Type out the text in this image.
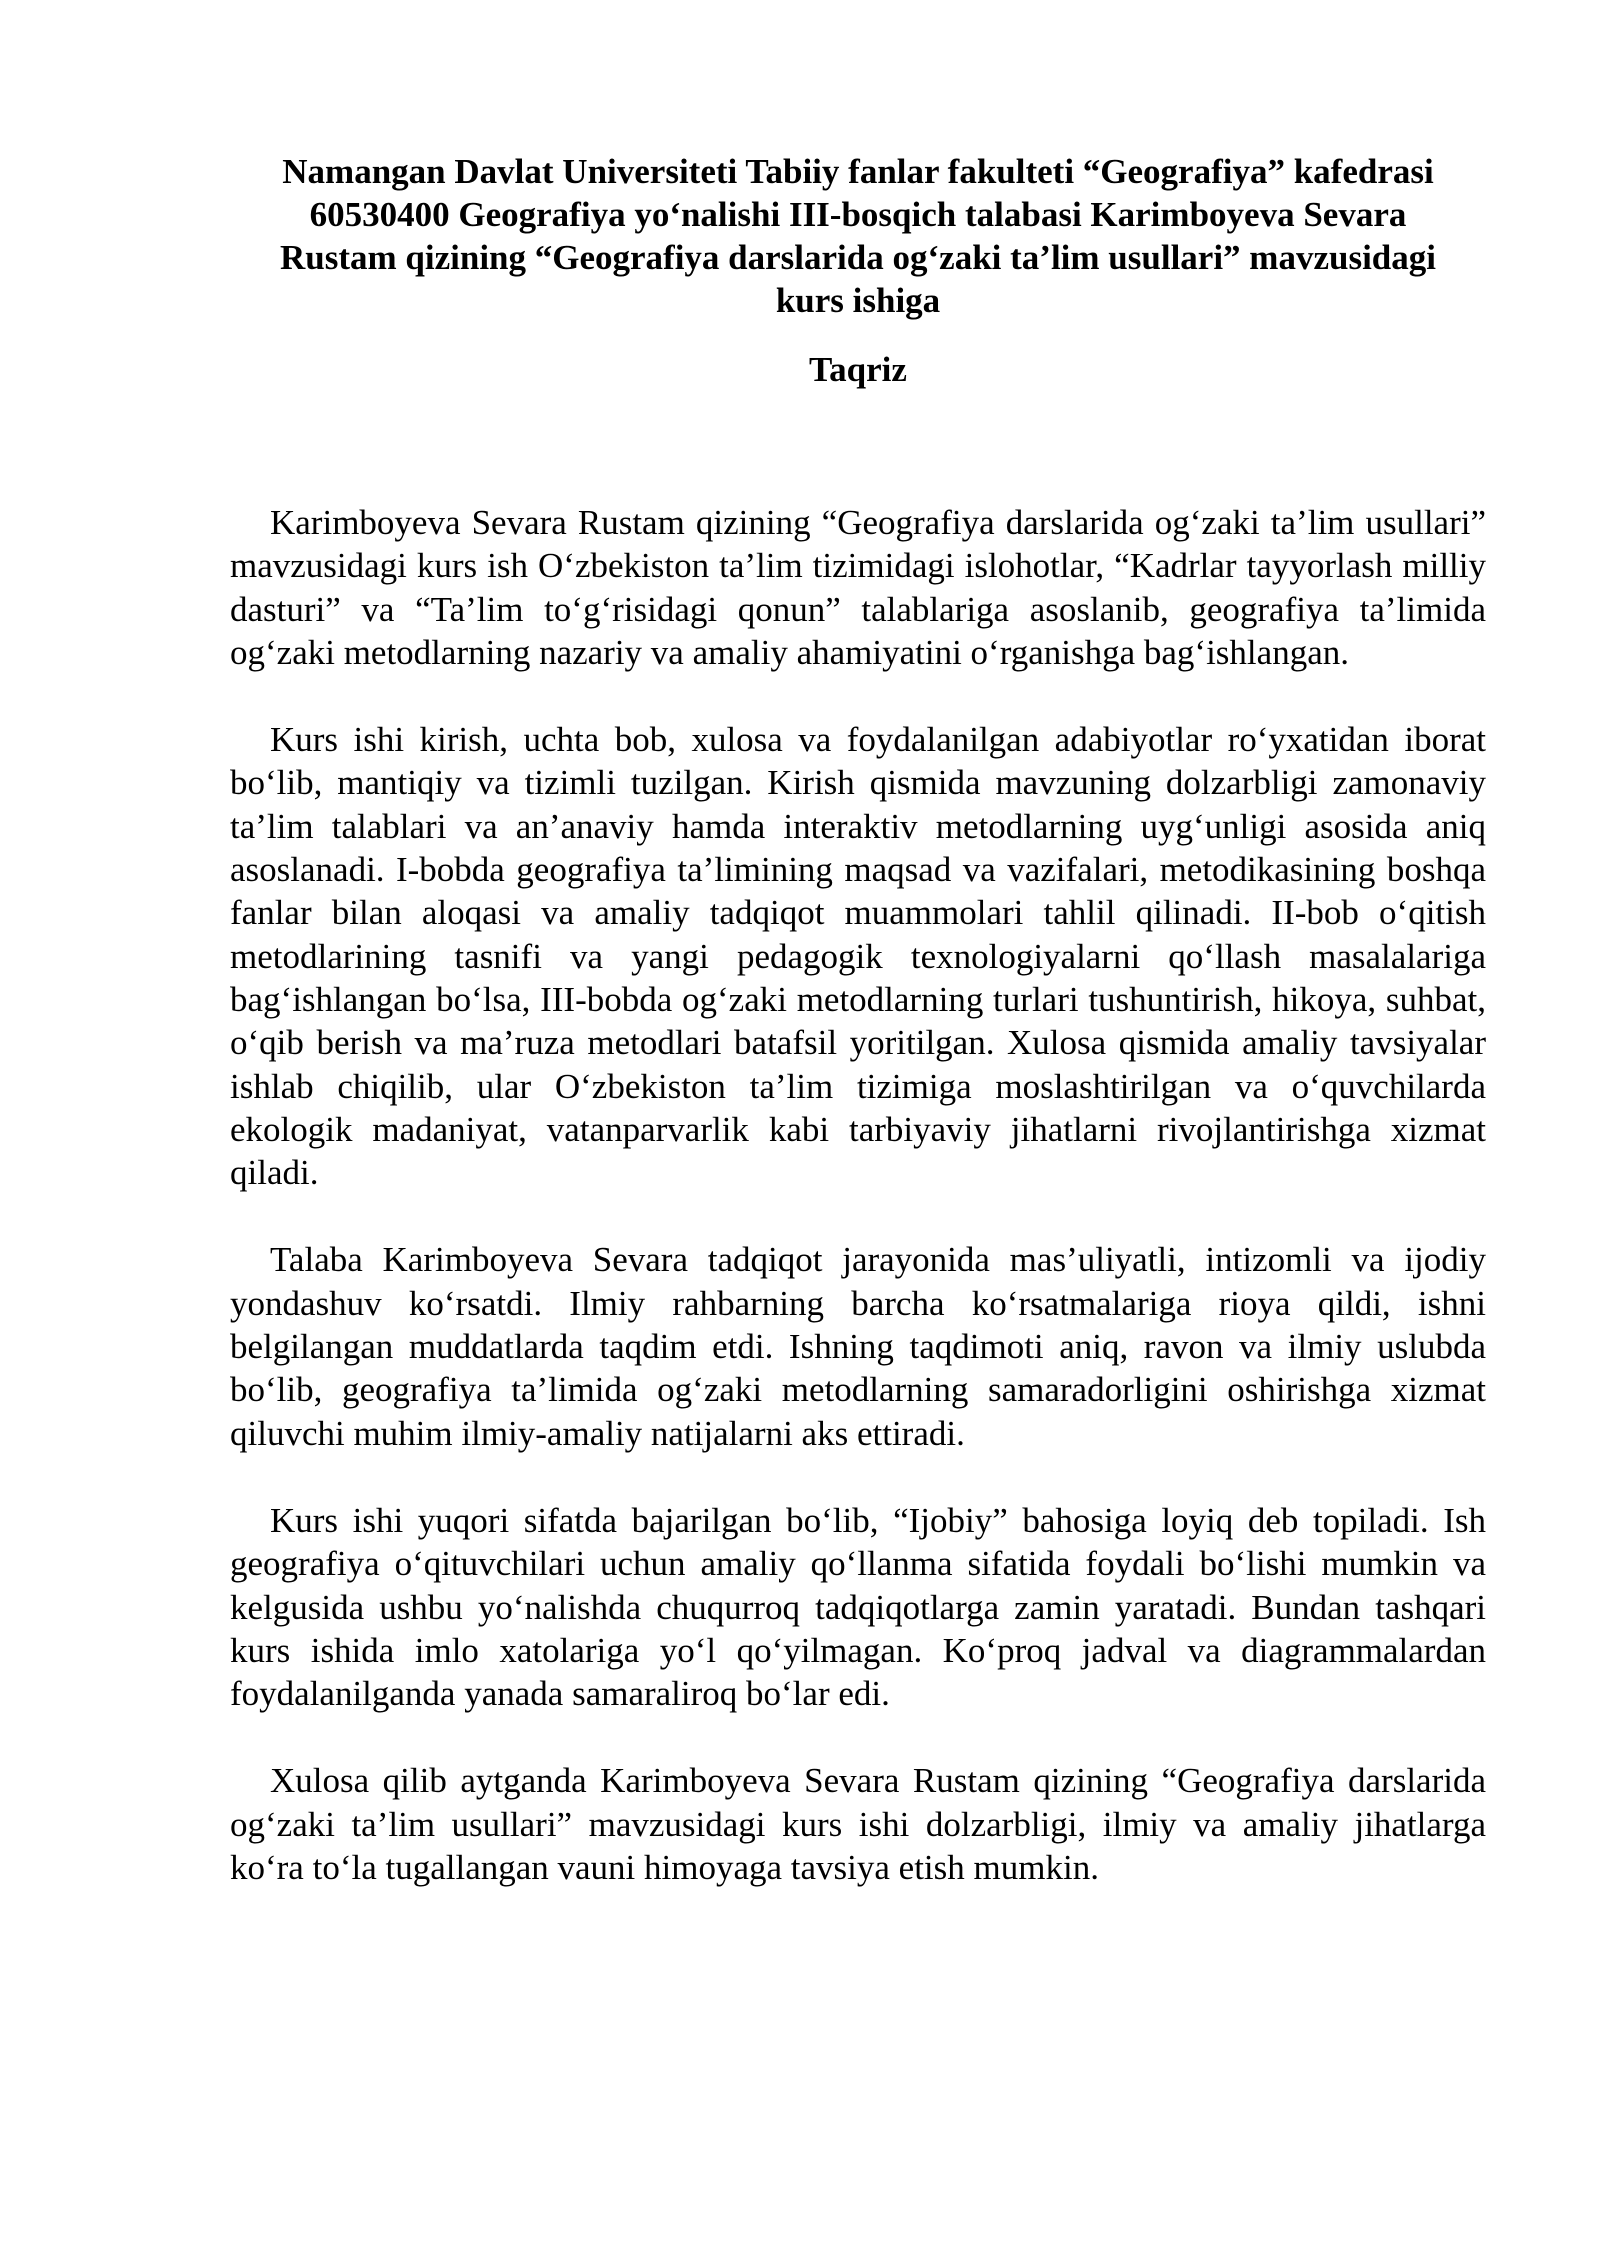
Namangan Davlat Universiteti Tabiiy fanlar fakulteti “Geografiya” kafedrasi
60530400 Geografiya yo‘nalishi III-bosqich talabasi Karimboyeva Sevara
Rustam qizining “Geografiya darslarida og‘zaki ta’lim usullari” mavzusidagi
kurs ishiga
Taqriz

Karimboyeva Sevara Rustam qizining “Geografiya darslarida og‘zaki ta’lim usullari” mavzusidagi kurs ish O‘zbekiston ta’lim tizimidagi islohotlar, “Kadrlar tayyorlash milliy dasturi” va “Ta’lim to‘g‘risidagi qonun” talablariga asoslanib, geografiya ta’limida og‘zaki metodlarning nazariy va amaliy ahamiyatini o‘rganishga bag‘ishlangan.

Kurs ishi kirish, uchta bob, xulosa va foydalanilgan adabiyotlar ro‘yxatidan iborat bo‘lib, mantiqiy va tizimli tuzilgan. Kirish qismida mavzuning dolzarbligi zamonaviy ta’lim talablari va an’anaviy hamda interaktiv metodlarning uyg‘unligi asosida aniq asoslanadi. I-bobda geografiya ta’limining maqsad va vazifalari, metodikasining boshqa fanlar bilan aloqasi va amaliy tadqiqot muammolari tahlil qilinadi. II-bob o‘qitish metodlarining tasnifi va yangi pedagogik texnologiyalarni qo‘llash masalalariga bag‘ishlangan bo‘lsa, III-bobda og‘zaki metodlarning turlari tushuntirish, hikoya, suhbat, o‘qib berish va ma’ruza metodlari batafsil yoritilgan. Xulosa qismida amaliy tavsiyalar ishlab chiqilib, ular O‘zbekiston ta’lim tizimiga moslashtirilgan va o‘quvchilarda ekologik madaniyat, vatanparvarlik kabi tarbiyaviy jihatlarni rivojlantirishga xizmat qiladi.

Talaba Karimboyeva Sevara tadqiqot jarayonida mas’uliyatli, intizomli va ijodiy yondashuv ko‘rsatdi. Ilmiy rahbarning barcha ko‘rsatmalariga rioya qildi, ishni belgilangan muddatlarda taqdim etdi. Ishning taqdimoti aniq, ravon va ilmiy uslubda bo‘lib, geografiya ta’limida og‘zaki metodlarning samaradorligini oshirishga xizmat qiluvchi muhim ilmiy-amaliy natijalarni aks ettiradi.

Kurs ishi yuqori sifatda bajarilgan bo‘lib, “Ijobiy” bahosiga loyiq deb topiladi. Ish geografiya o‘qituvchilari uchun amaliy qo‘llanma sifatida foydali bo‘lishi mumkin va kelgusida ushbu yo‘nalishda chuqurroq tadqiqotlarga zamin yaratadi. Bundan tashqari kurs ishida imlo xatolariga yo‘l qo‘yilmagan. Ko‘proq jadval va diagrammalardan foydalanilganda yanada samaraliroq bo‘lar edi.

Xulosa qilib aytganda Karimboyeva Sevara Rustam qizining “Geografiya darslarida og‘zaki ta’lim usullari” mavzusidagi kurs ishi dolzarbligi, ilmiy va amaliy jihatlarga ko‘ra to‘la tugallangan vauni himoyaga tavsiya etish mumkin.
